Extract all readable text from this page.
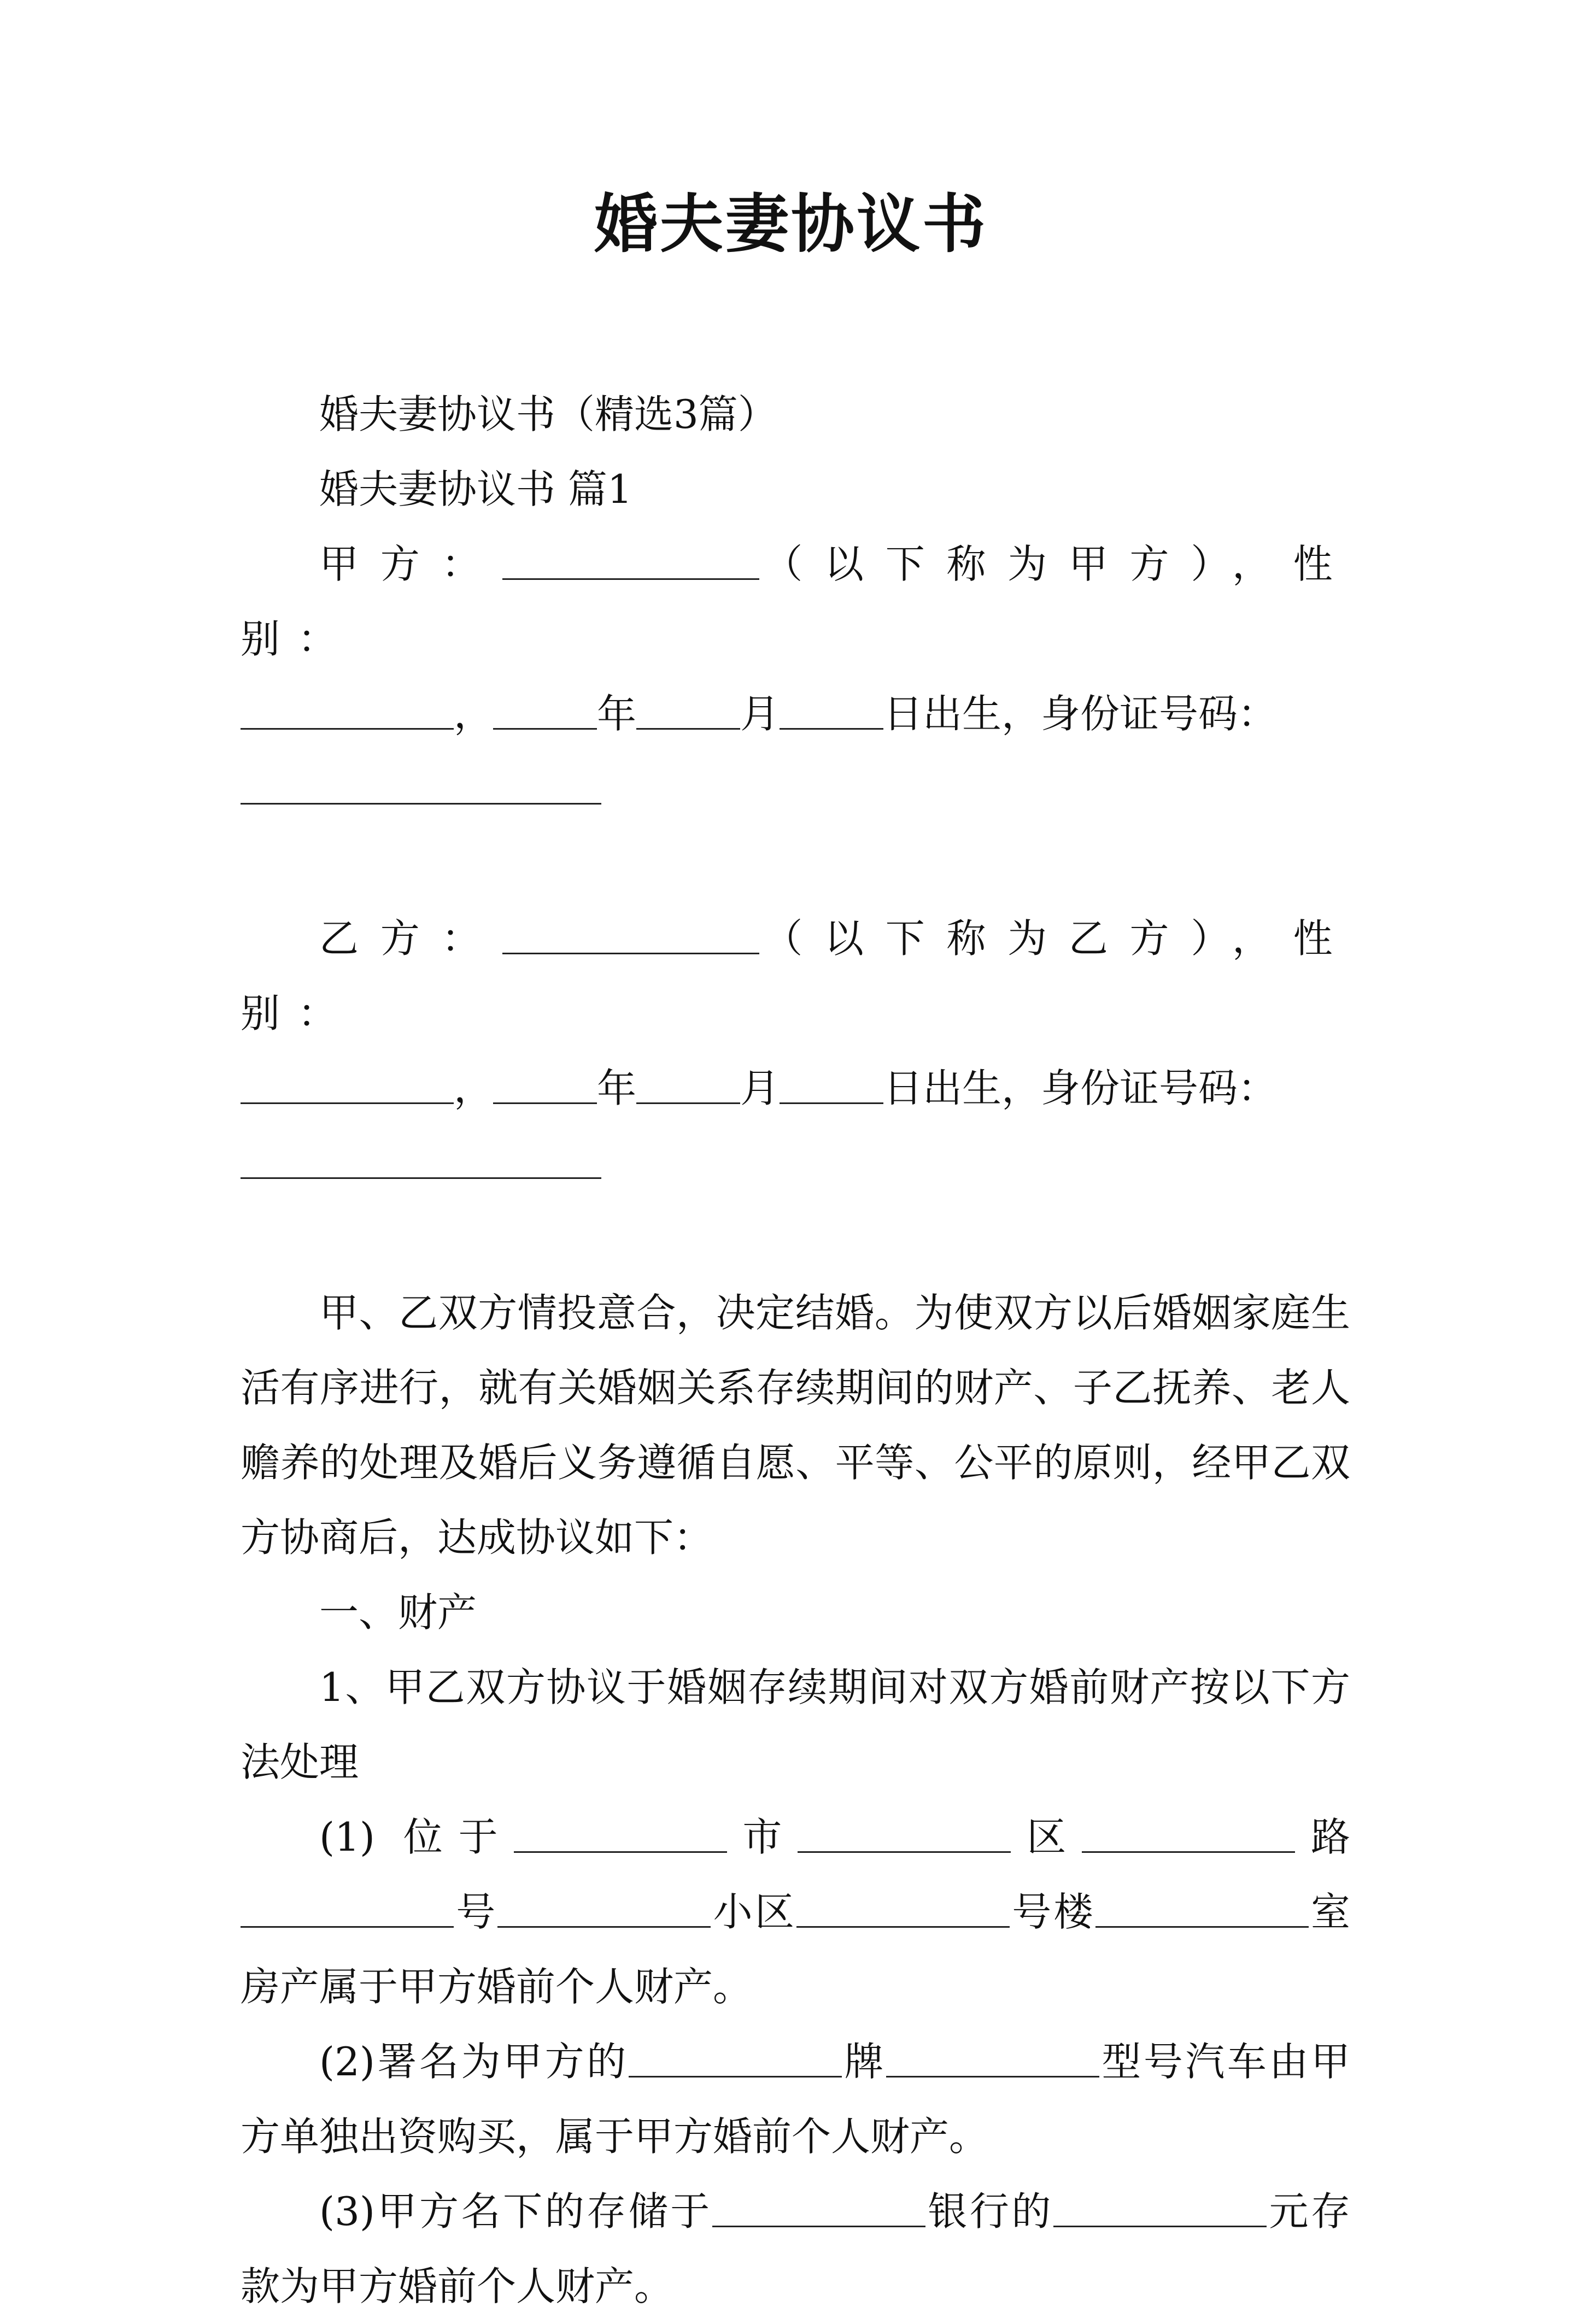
婚夫妻协议书

婚夫妻协议书（精选3篇）

婚夫妻协议书 篇1

甲方：	（以下称为甲方），性别：

，	年	月	日出生，身份证号码：

乙方：	（以下称为乙方），性别：

，	年	月	日出生，身份证号码：

甲、乙双方情投意合，决定结婚。为使双方以后婚姻家庭生活有序进行，就有关婚姻关系存续期间的财产、子乙抚养、老人赡养的处理及婚后义务遵循自愿、平等、公平的原则，经甲乙双方协商后，达成协议如下：

一、财产

1、甲乙双方协议于婚姻存续期间对双方婚前财产按以下方法处理

(1) 位于	市	区	路号	小区	号楼	室房产属于甲方婚前个人财产。

(2)署名为甲方的	牌	型号汽车由甲方单独出资购买，属于甲方婚前个人财产。

(3)甲方名下的存储于	银行的	元存款为甲方婚前个人财产。
